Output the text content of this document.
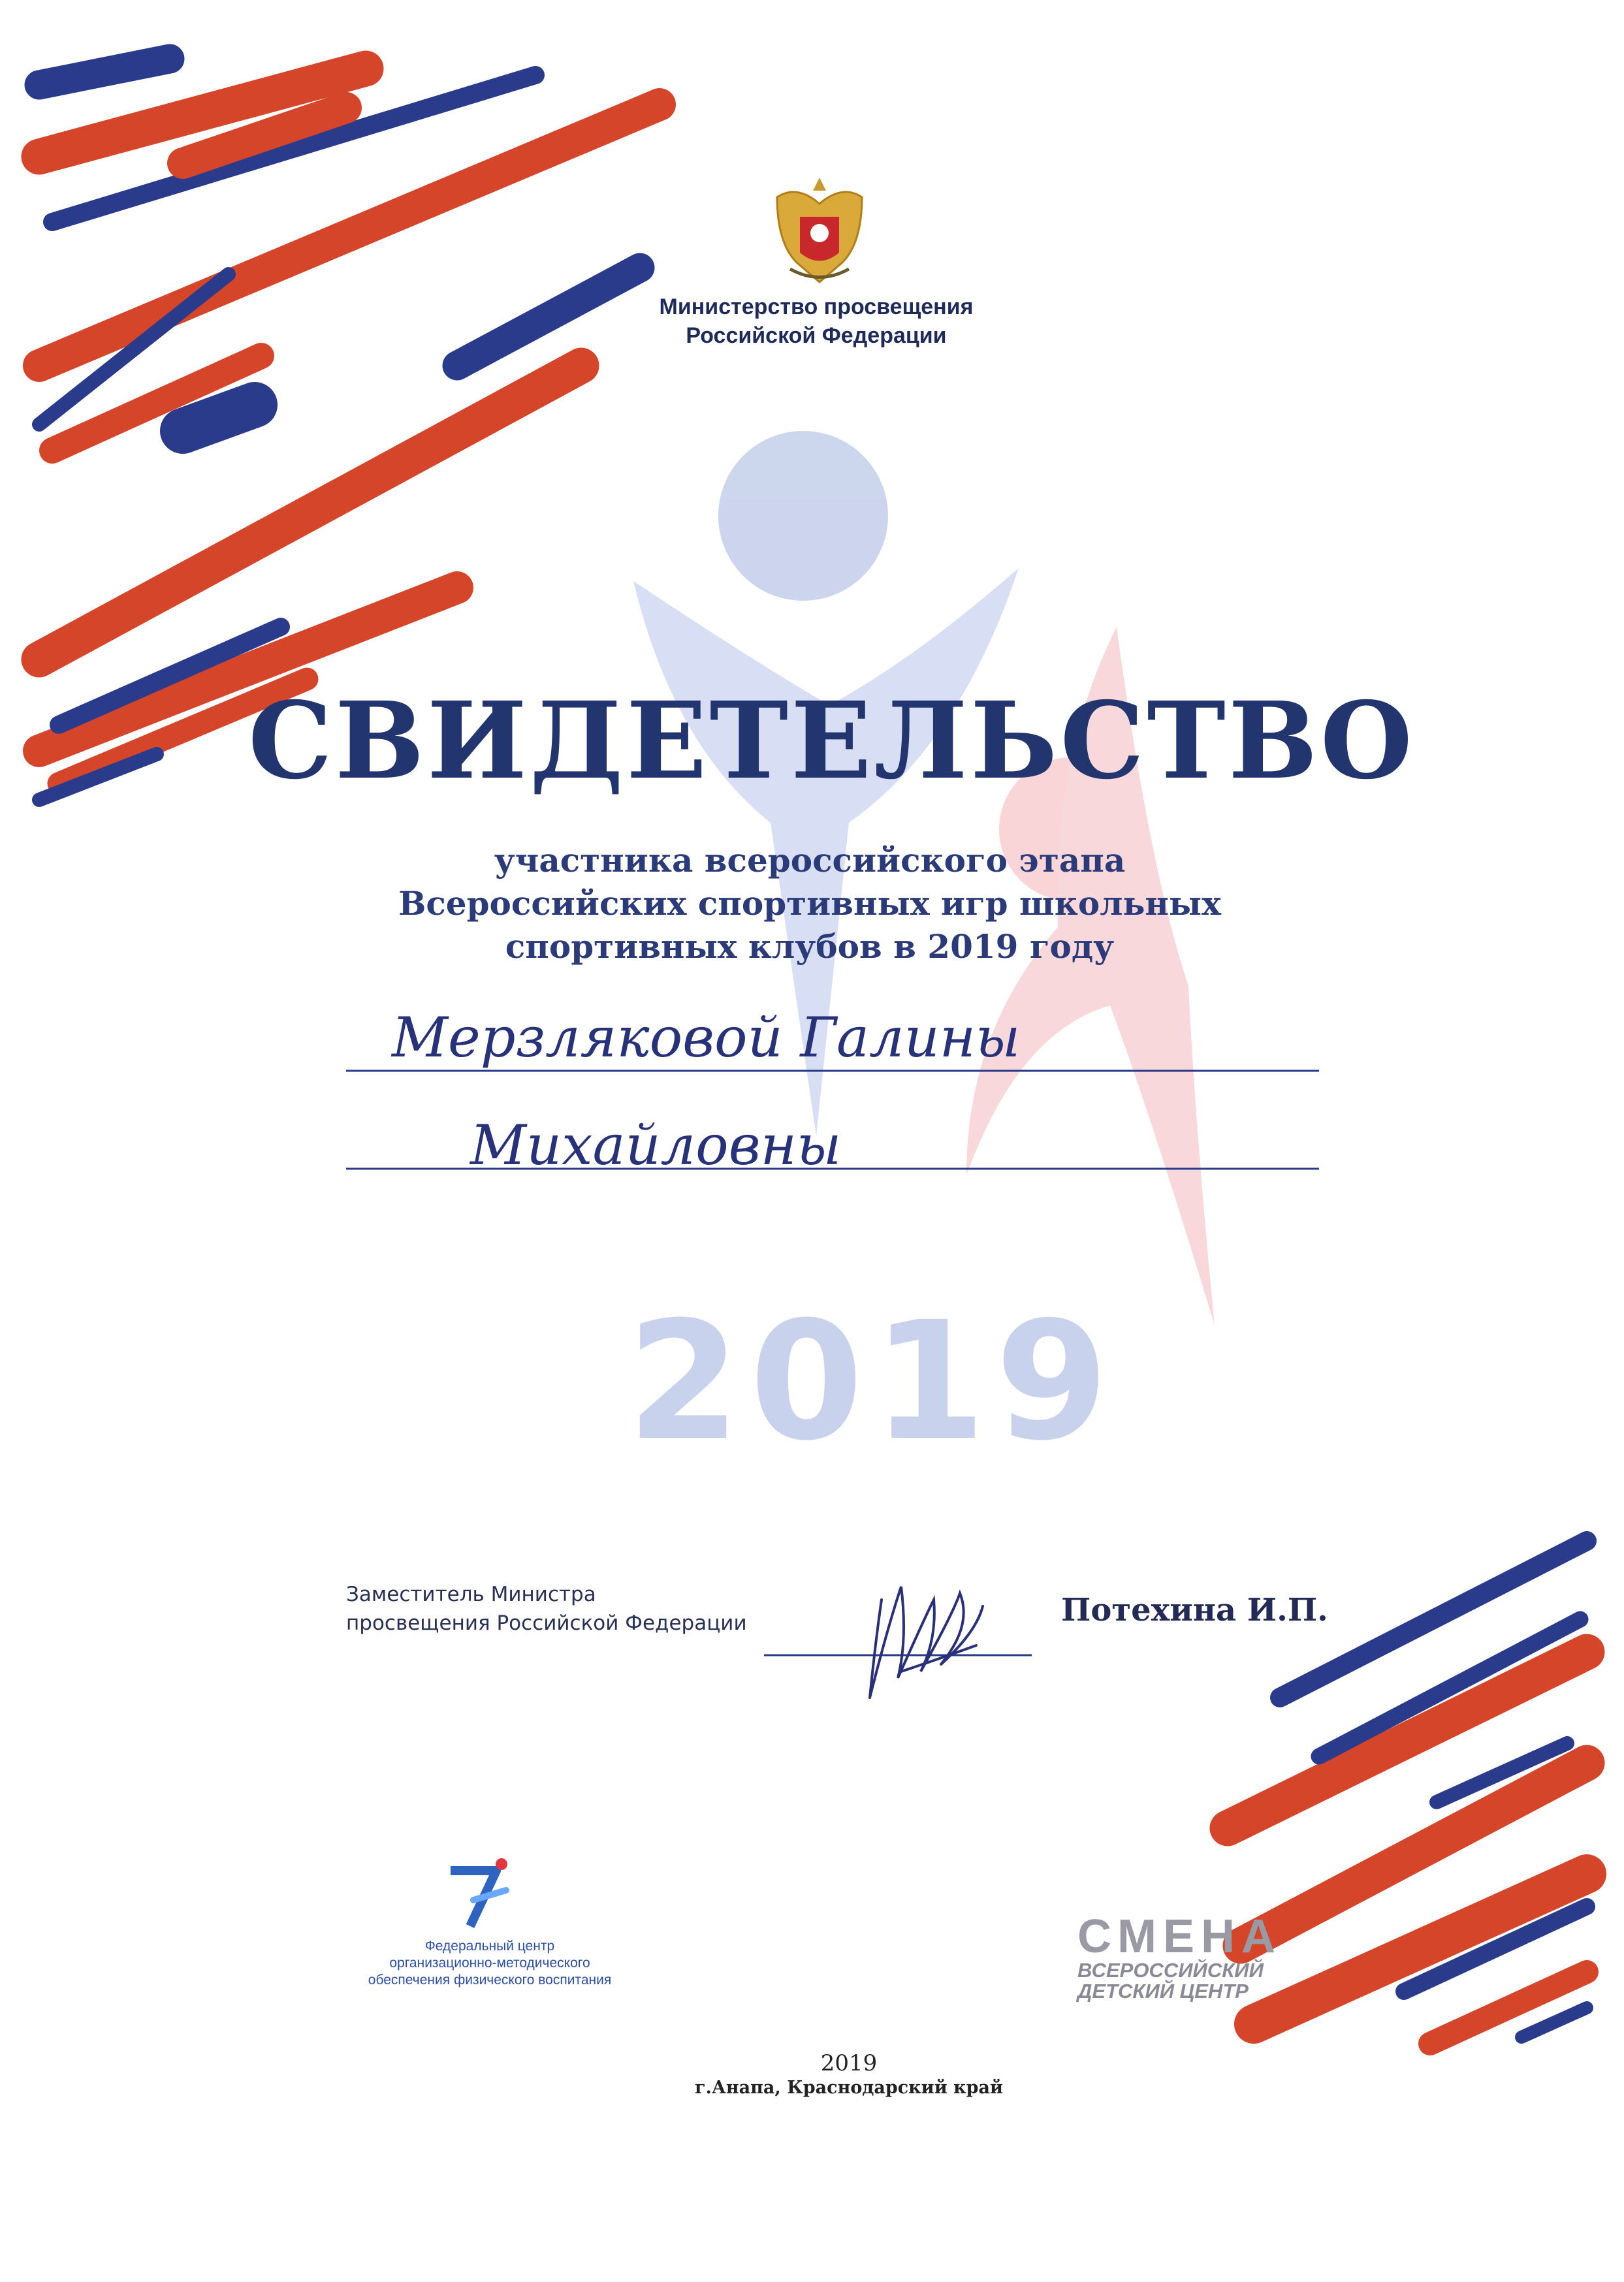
Министерство просвещения
Российской Федерации
СВИДЕТЕЛЬСТВО
участника всероссийского этапа
Всероссийских спортивных игр школьных
спортивных клубов в 2019 году
Мерзляковой Галины
Михайловны
2019
Заместитель Министра
просвещения Российской Федерации	Потехина И.П.
Федеральный центр
организационно-методического
обеспечения физического воспитания
СМЕНА
ВСЕРОССИЙСКИЙ
ДЕТСКИЙ ЦЕНТР
2019
г.Анапа, Краснодарский край
